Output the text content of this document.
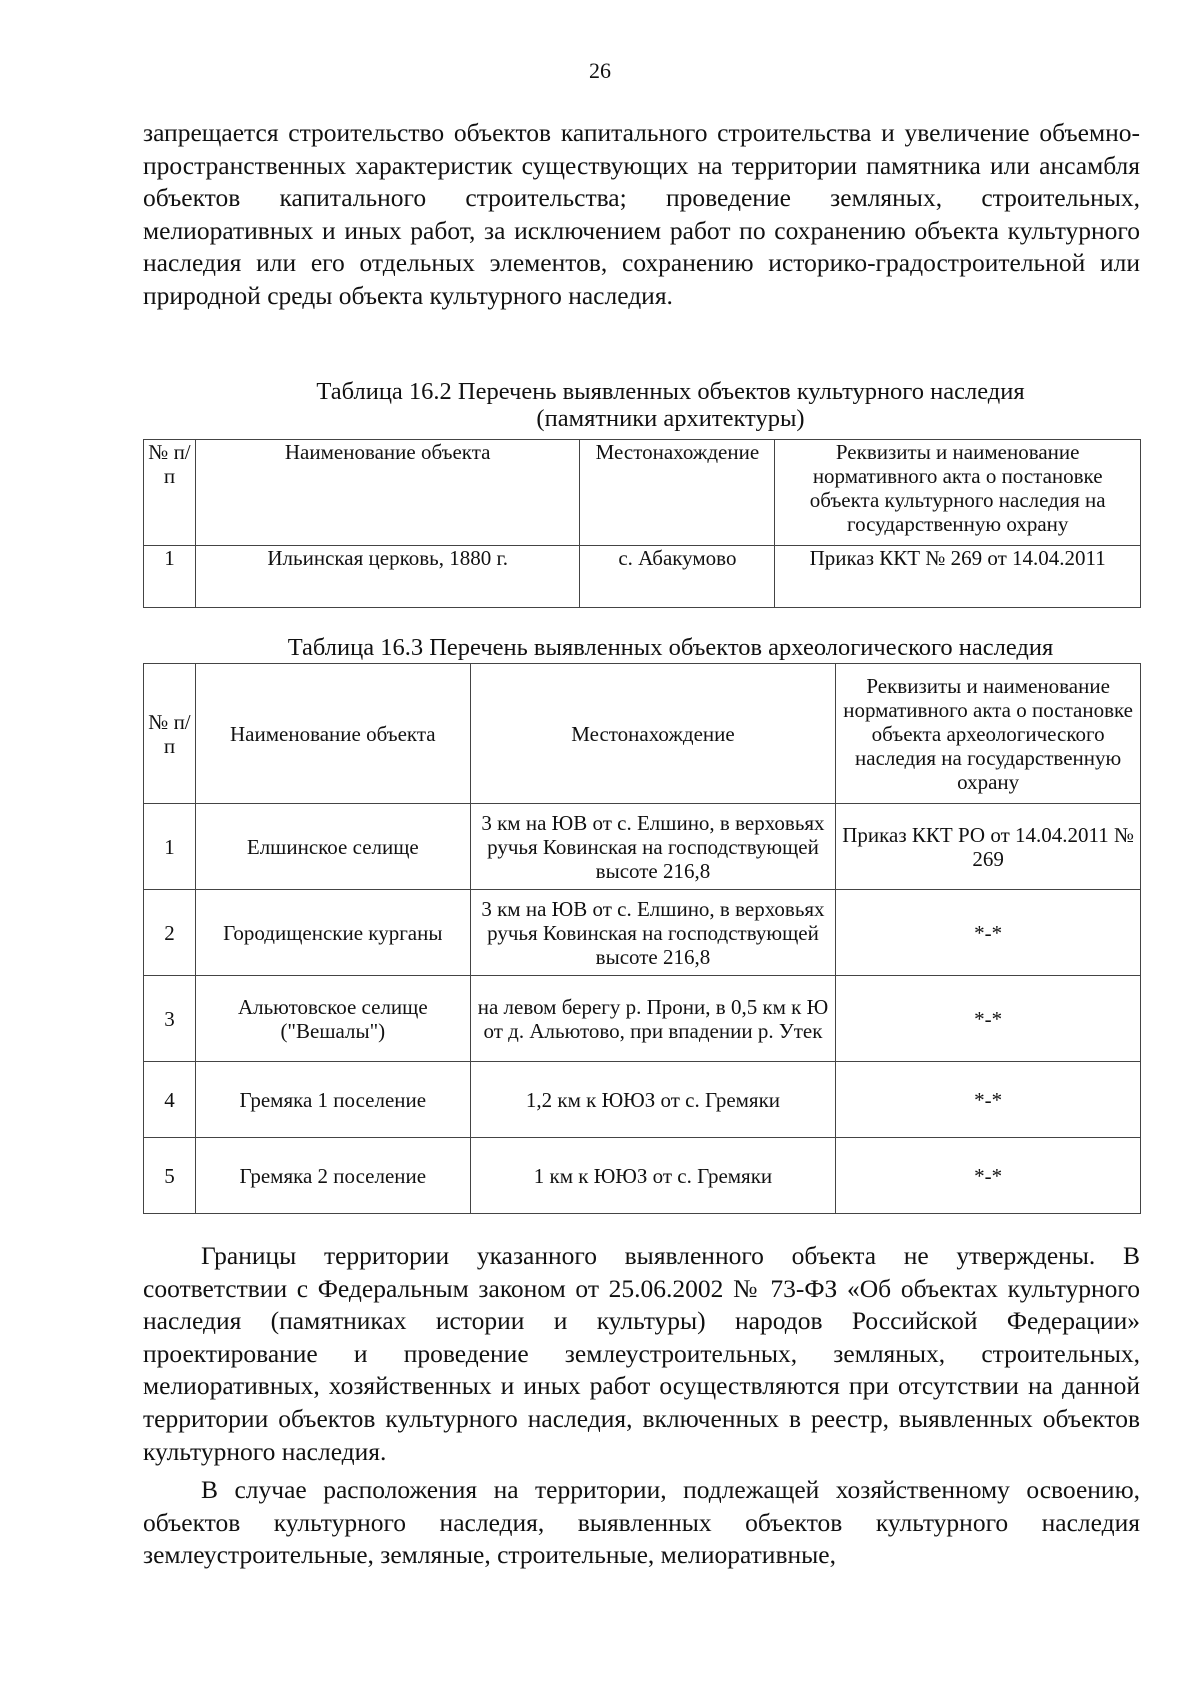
26

запрещается строительство объектов капитального строительства и увеличение объемно-пространственных характеристик существующих на территории памятника или ансамбля объектов капитального строительства; проведение земляных, строительных, мелиоративных и иных работ, за исключением работ по сохранению объекта культурного наследия или его отдельных элементов, сохранению историко-градостроительной или природной среды объекта культурного наследия.

Таблица 16.2 Перечень выявленных объектов культурного наследия
(памятники архитектуры)
№ п/ п	Наименование объекта	Местонахождение	Реквизиты и наименование нормативного акта о постановке объекта культурного наследия на государственную охрану
1	Ильинская церковь, 1880 г.	с. Абакумово	Приказ ККТ № 269 от 14.04.2011
Таблица 16.3 Перечень выявленных объектов археологического наследия
№ п/ п	Наименование объекта	Местонахождение	Реквизиты и наименование нормативного акта о постановке объекта археологического наследия на государственную охрану
1	Елшинское селище	3 км на ЮВ от с. Елшино, в верховьях ручья Ковинская на господствующей высоте 216,8	Приказ ККТ РО от 14.04.2011 № 269
2	Городищенские курганы	3 км на ЮВ от с. Елшино, в верховьях ручья Ковинская на господствующей высоте 216,8	*-*
3	Альютовское селище ("Вешалы")	на левом берегу р. Прони, в 0,5 км к Ю от д. Альютово, при впадении р. Утек	*-*
4	Гремяка 1 поселение	1,2 км к ЮЮЗ от с. Гремяки	*-*
5	Гремяка 2 поселение	1 км к ЮЮЗ от с. Гремяки	*-*

Границы территории указанного выявленного объекта не утверждены. В соответствии с Федеральным законом от 25.06.2002 № 73-ФЗ «Об объектах культурного наследия (памятниках истории и культуры) народов Российской Федерации» проектирование и проведение землеустроительных, земляных, строительных, мелиоративных, хозяйственных и иных работ осуществляются при отсутствии на данной территории объектов культурного наследия, включенных в реестр, выявленных объектов культурного наследия.

В случае расположения на территории, подлежащей хозяйственному освоению, объектов культурного наследия, выявленных объектов культурного наследия землеустроительные, земляные, строительные, мелиоративные,
